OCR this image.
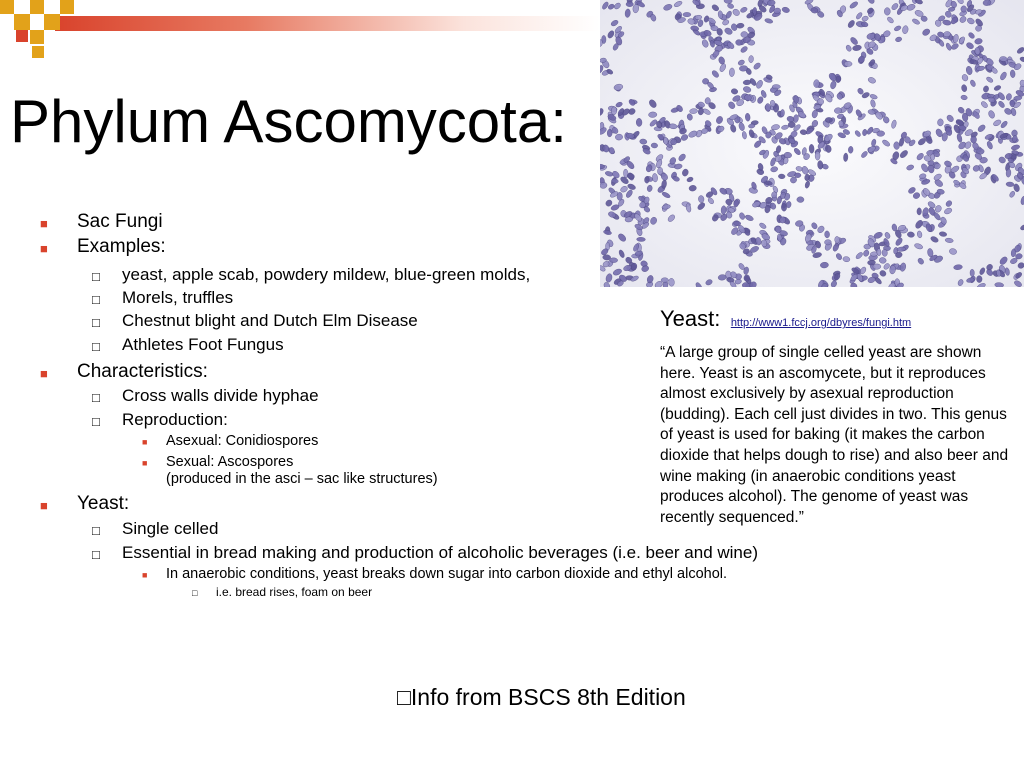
Phylum Ascomycota:
■ Sac Fungi
■ Examples:
□ yeast, apple scab, powdery mildew, blue-green molds,
□ Morels, truffles
□ Chestnut blight and Dutch Elm Disease
□ Athletes Foot Fungus
■ Characteristics:
□ Cross walls divide hyphae
□ Reproduction:
■ Asexual: Conidiospores
■ Sexual: Ascospores
(produced in the asci – sac like structures)
■ Yeast:
□ Single celled
□ Essential in bread making and production of alcoholic beverages (i.e. beer and wine)
■ In anaerobic conditions, yeast breaks down sugar into carbon dioxide and ethyl alcohol.
□ i.e. bread rises, foam on beer
Yeast: http://www1.fccj.org/dbyres/fungi.htm
“A large group of single celled yeast are shown here. Yeast is an ascomycete, but it reproduces almost exclusively by asexual reproduction (budding). Each cell just divides in two. This genus of yeast is used for baking (it makes the carbon dioxide that helps dough to rise) and also beer and wine making (in anaerobic conditions yeast produces alcohol). The genome of yeast was recently sequenced.”
□Info from BSCS 8th Edition
